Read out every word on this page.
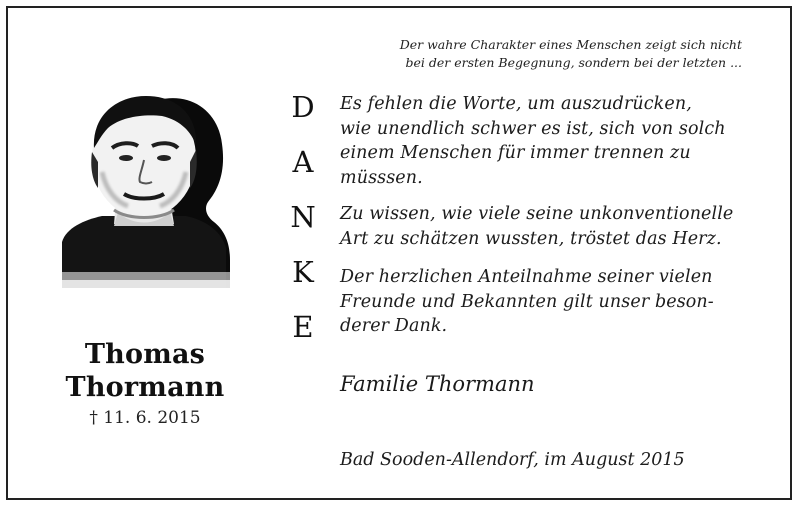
Der wahre Charakter eines Menschen zeigt sich nicht
bei der ersten Begegnung, sondern bei der letzten ...
Thomas
Thormann
† 11. 6. 2015
D
A
N
K
E
Es fehlen die Worte, um auszudrücken,
wie unendlich schwer es ist, sich von solch
einem Menschen für immer trennen zu
müsssen.
Zu wissen, wie viele seine unkonventionelle
Art zu schätzen wussten, tröstet das Herz.
Der herzlichen Anteilnahme seiner vielen
Freunde und Bekannten gilt unser beson-
derer Dank.
Familie Thormann
Bad Sooden-Allendorf, im August 2015
